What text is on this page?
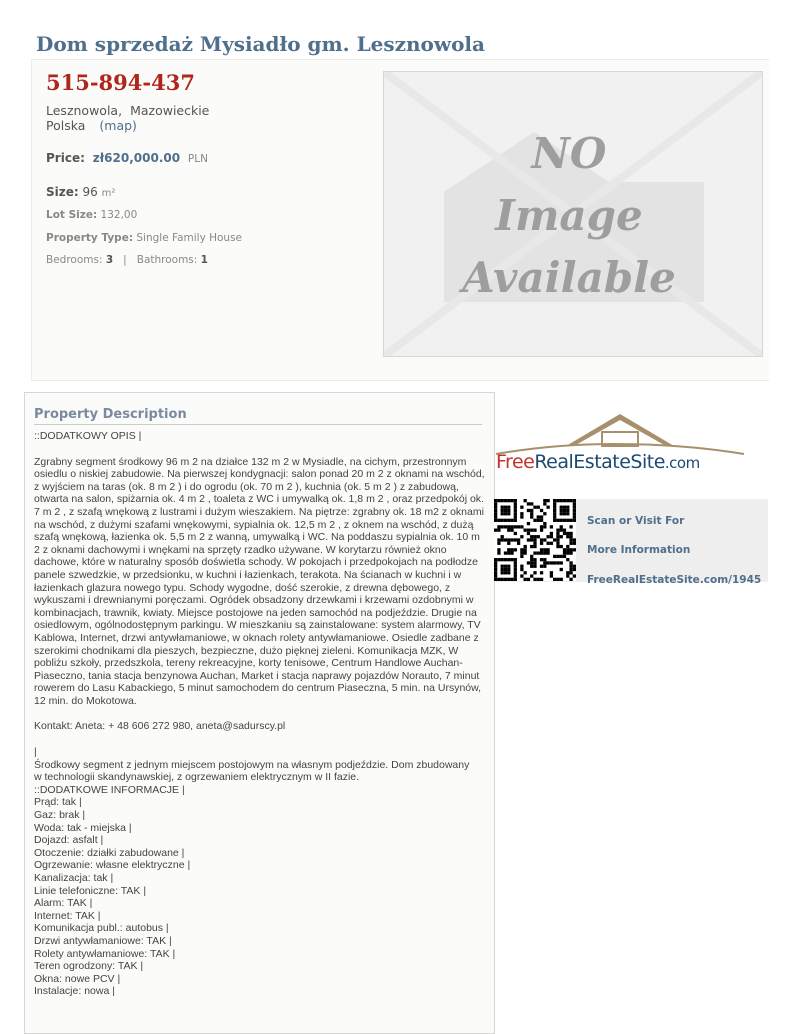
Dom sprzedaż Mysiadło gm. Lesznowola
515-894-437
Lesznowola, Mazowieckie
Polska (map)
Price: zł620,000.00 PLN
Size: 96 m²
Lot Size: 132,00
Property Type: Single Family House
Bedrooms: 3   |   Bathrooms: 1
NO
Image
Available
Property Description

::DODATKOWY OPIS |

Zgrabny segment środkowy 96 m 2 na działce 132 m 2 w Mysiadle, na cichym, przestronnym osiedlu o niskiej zabudowie. Na pierwszej kondygnacji: salon ponad 20 m 2 z oknami na wschód, z wyjściem na taras (ok. 8 m 2 ) i do ogrodu (ok. 70 m 2 ), kuchnia (ok. 5 m 2 ) z zabudową, otwarta na salon, spiżarnia ok. 4 m 2 , toaleta z WC i umywalką ok. 1,8 m 2 , oraz przedpokój ok. 7 m 2 , z szafą wnękową z lustrami i dużym wieszakiem. Na piętrze: zgrabny ok. 18 m2 z oknami na wschód, z dużymi szafami wnękowymi, sypialnia ok. 12,5 m 2 , z oknem na wschód, z dużą szafą wnękową, łazienka ok. 5,5 m 2 z wanną, umywalką i WC. Na poddaszu sypialnia ok. 10 m 2 z oknami dachowymi i wnękami na sprzęty rzadko używane. W korytarzu również okno dachowe, które w naturalny sposób doświetla schody. W pokojach i przedpokojach na podłodze panele szwedzkie, w przedsionku, w kuchni i łazienkach, terakota. Na ścianach w kuchni i w łazienkach glazura nowego typu. Schody wygodne, dość szerokie, z drewna dębowego, z wykuszami i drewnianymi poręczami. Ogródek obsadzony drzewkami i krzewami ozdobnymi w kombinacjach, trawnik, kwiaty. Miejsce postojowe na jeden samochód na podjeździe. Drugie na osiedlowym, ogólnodostępnym parkingu. W mieszkaniu są zainstalowane: system alarmowy, TV Kablowa, Internet, drzwi antywłamaniowe, w oknach rolety antywłamaniowe. Osiedle zadbane z szerokimi chodnikami dla pieszych, bezpieczne, dużo pięknej zieleni. Komunikacja MZK, W pobliżu szkoły, przedszkola, tereny rekreacyjne, korty tenisowe, Centrum Handlowe Auchan-Piaseczno, tania stacja benzynowa Auchan, Market i stacja naprawy pojazdów Norauto, 7 minut rowerem do Lasu Kabackiego, 5 minut samochodem do centrum Piaseczna, 5 min. na Ursynów, 12 min. do Mokotowa.

Kontakt: Aneta: + 48 606 272 980, aneta@sadurscy.pl

|
Środkowy segment z jednym miejscem postojowym na własnym podjeździe. Dom zbudowany
w technologii skandynawskiej, z ogrzewaniem elektrycznym w II fazie.
::DODATKOWE INFORMACJE |
Prąd: tak |
Gaz: brak |
Woda: tak - miejska |
Dojazd: asfalt |
Otoczenie: działki zabudowane |
Ogrzewanie: własne elektryczne |
Kanalizacja: tak |
Linie telefoniczne: TAK |
Alarm: TAK |
Internet: TAK |
Komunikacja publ.: autobus |
Drzwi antywłamaniowe: TAK |
Rolety antywłamaniowe: TAK |
Teren ogrodzony: TAK |
Okna: nowe PCV |
Instalacje: nowa |
FreeRealEstateSite.com
Scan or Visit For
More Information
FreeRealEstateSite.com/1945
